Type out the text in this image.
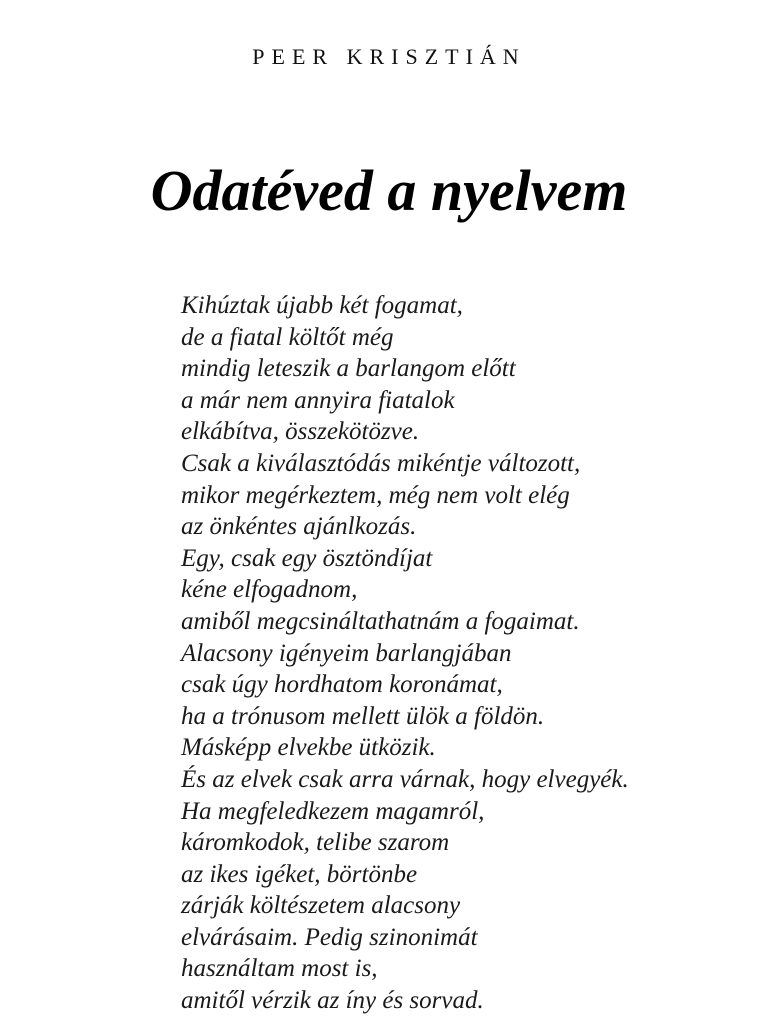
PEER KRISZTIÁN
Odatéved a nyelvem
Kihúztak újabb két fogamat,
de a fiatal költőt még
mindig leteszik a barlangom előtt
a már nem annyira fiatalok
elkábítva, összekötözve.
Csak a kiválasztódás mikéntje változott,
mikor megérkeztem, még nem volt elég
az önkéntes ajánlkozás.
Egy, csak egy ösztöndíjat
kéne elfogadnom,
amiből megcsináltathatnám a fogaimat.
Alacsony igényeim barlangjában
csak úgy hordhatom koronámat,
ha a trónusom mellett ülök a földön.
Másképp elvekbe ütközik.
És az elvek csak arra várnak, hogy elvegyék.
Ha megfeledkezem magamról,
káromkodok, telibe szarom
az ikes igéket, börtönbe
zárják költészetem alacsony
elvárásaim. Pedig szinonimát
használtam most is,
amitől vérzik az íny és sorvad.
